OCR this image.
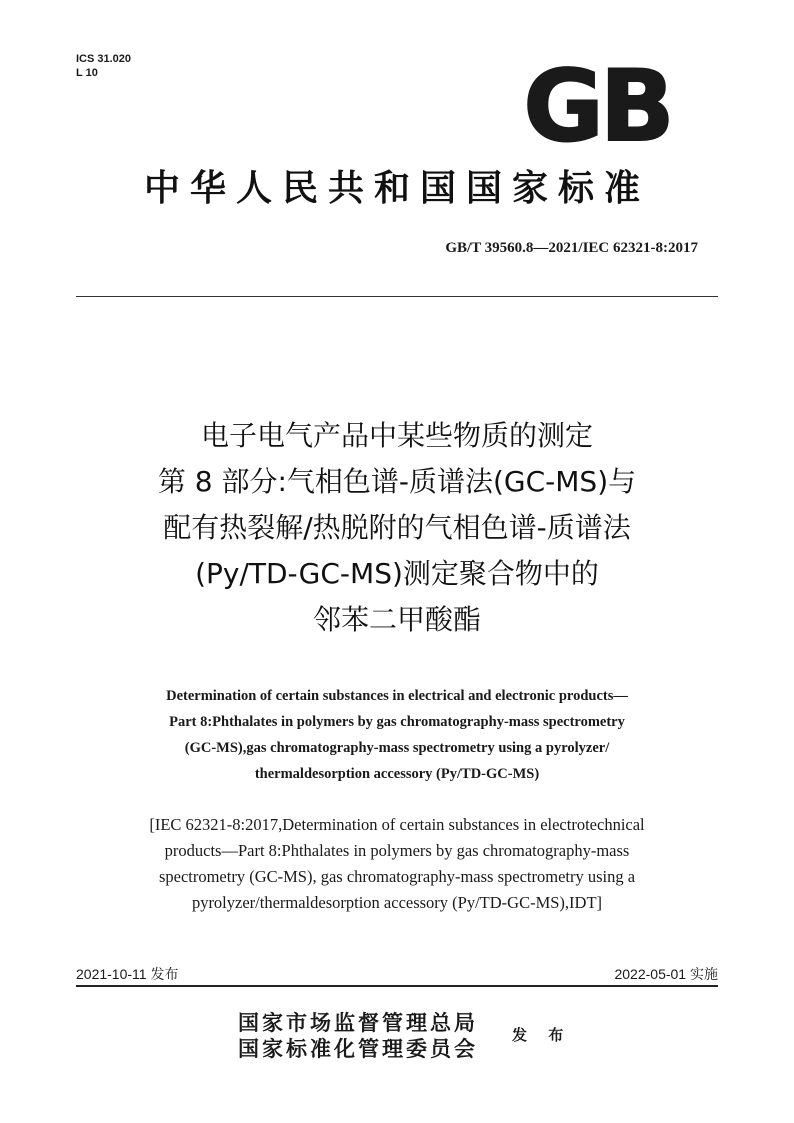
ICS 31.020
L 10	GB
中华人民共和国国家标准
GB/T 39560.8—2021/IEC 62321-8:2017
电子电气产品中某些物质的测定
第 8 部分:气相色谱-质谱法(GC-MS)与
配有热裂解/热脱附的气相色谱-质谱法
(Py/TD-GC-MS)测定聚合物中的
邻苯二甲酸酯
Determination of certain substances in electrical and electronic products—
Part 8:Phthalates in polymers by gas chromatography-mass spectrometry
(GC-MS),gas chromatography-mass spectrometry using a pyrolyzer/
thermaldesorption accessory (Py/TD-GC-MS)
[IEC 62321-8:2017,Determination of certain substances in electrotechnical
products—Part 8:Phthalates in polymers by gas chromatography-mass
spectrometry (GC-MS), gas chromatography-mass spectrometry using a
pyrolyzer/thermaldesorption accessory (Py/TD-GC-MS),IDT]
2021-10-11 发布	2022-05-01 实施
国家市场监督管理总局
国家标准化管理委员会
发 布
